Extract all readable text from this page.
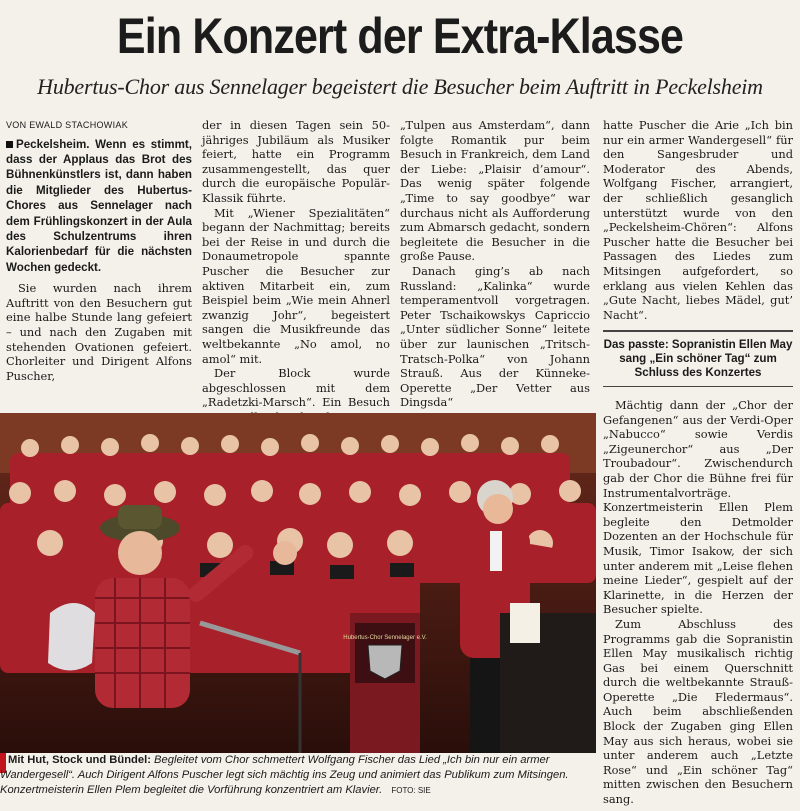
Ein Konzert der Extra-Klasse
Hubertus-Chor aus Sennelager begeistert die Besucher beim Auftritt in Peckelsheim
VON EWALD STACHOWIAK
Peckelsheim. Wenn es stimmt, dass der Applaus das Brot des Bühnenkünstlers ist, dann haben die Mitglieder des Hubertus-Chores aus Sennelager nach dem Frühlingskonzert in der Aula des Schulzentrums ihren Kalorienbedarf für die nächsten Wochen gedeckt.

Sie wurden nach ihrem Auftritt von den Besuchern gut eine halbe Stunde lang gefeiert – und nach den Zugaben mit stehenden Ovationen gefeiert. Chorleiter und Dirigent Alfons Puscher,

der in diesen Tagen sein 50-jähriges Jubiläum als Musiker feiert, hatte ein Programm zusammengestellt, das quer durch die europäische Populär-Klassik führte.

Mit „Wiener Spezialitäten“ begann der Nachmittag; bereits bei der Reise in und durch die Donaumetropole spannte Puscher die Besucher zur aktiven Mitarbeit ein, zum Beispiel beim „Wie mein Ahnerl zwanzig Johr“, begeistert sangen die Musikfreunde das weltbekannte „No amol, no amol“ mit.

Der Block wurde abgeschlossen mit dem „Radetzki-Marsch“. Ein Besuch

„Tulpen aus Amsterdam“, dann folgte Romantik pur beim Besuch in Frankreich, dem Land der Liebe: „Plaisir d’amour“. Das wenig später folgende „Time to say goodbye“ war durchaus nicht als Aufforderung zum Abmarsch gedacht, sondern begleitete die Besucher in die große Pause.

Danach ging’s ab nach Russland: „Kalinka“ wurde temperamentvoll vorgetragen. Peter Tschaikowskys Capriccio „Unter südlicher Sonne“ leitete über zur launischen „Tritsch-Tratsch-Polka“ von Johann Strauß. Aus der Künneke-Operette „Der Vetter aus Dingsda“

hatte Puscher die Arie „Ich bin nur ein armer Wandergesell“ für den Sangesbruder und Moderator des Abends, Wolfgang Fischer, arrangiert, der schließlich gesanglich unterstützt wurde von den „Peckelsheim-Chören“: Alfons Puscher hatte die Besucher bei Passagen des Liedes zum Mitsingen aufgefordert, so erklang aus vielen Kehlen das „Gute Nacht, liebes Mädel, gut’ Nacht“.

Das passte: Sopranistin Ellen May sang „Ein schöner Tag“ zum Schluss des Konzertes

Mächtig dann der „Chor der Gefangenen“ aus der Verdi-Oper „Nabucco“ sowie Verdis „Zigeunerchor“ aus „Der Troubadour“. Zwischendurch gab der Chor die Bühne frei für Instrumentalvorträge. Konzertmeisterin Ellen Plem begleite den Detmolder Dozenten an der Hochschule für Musik, Timor Isakow, der sich unter anderem mit „Leise flehen meine Lieder“, gespielt auf der Klarinette, in die Herzen der Besucher spielte.

Zum Abschluss des Programms gab die Sopranistin Ellen May musikalisch richtig Gas bei einem Querschnitt durch die weltbekannte Strauß-Operette „Die Fledermaus“. Auch beim abschließenden Block der Zugaben ging Ellen May aus sich heraus, wobei sie unter anderem auch „Letzte Rose“ und „Ein schöner Tag“ mitten zwischen den Besuchern sang.

Hubertus-Chor Sennelager e.V.
Mit Hut, Stock und Bündel: Begleitet vom Chor schmettert Wolfgang Fischer das Lied „Ich bin nur ein armer Wandergesell“. Auch Dirigent Alfons Puscher legt sich mächtig ins Zeug und animiert das Publikum zum Mitsingen. Konzertmeisterin Ellen Plem begleitet die Vorführung konzentriert am Klavier. FOTO: SIE
